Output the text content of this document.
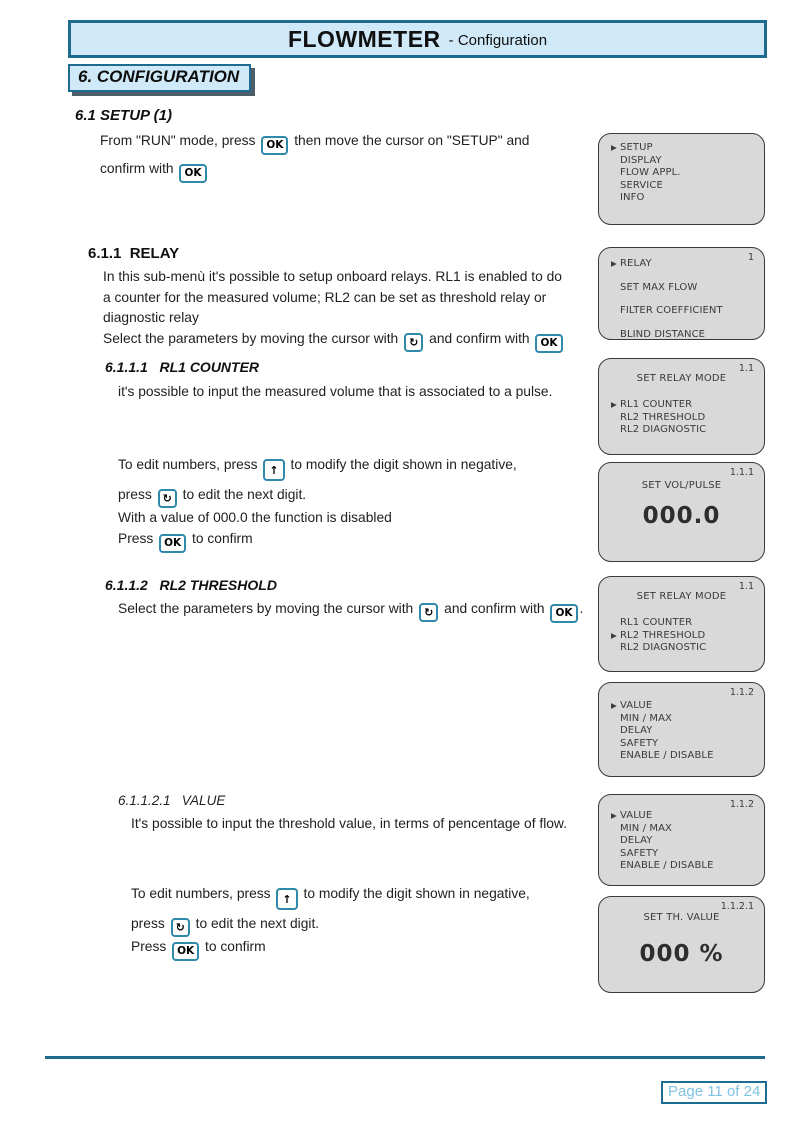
FLOWMETER - Configuration
6. CONFIGURATION
6.1 SETUP (1)
From "RUN" mode, press OK then move the cursor on "SETUP" and
confirm with OK
▶ SETUP
DISPLAY
FLOW APPL.
SERVICE
INFO
6.1.1  RELAY
In this sub-menù it's possible to setup onboard relays. RL1 is enabled to do
a counter for the measured volume; RL2 can be set as threshold relay or
diagnostic relay
Select the parameters by moving the cursor with ↻ and confirm with OK
1
▶ RELAY
SET MAX FLOW
FILTER COEFFICIENT
BLIND DISTANCE
6.1.1.1   RL1 COUNTER
it's possible to input the measured volume that is associated to a pulse.
1.1
SET RELAY MODE
▶ RL1 COUNTER
RL2 THRESHOLD
RL2 DIAGNOSTIC
To edit numbers, press ↑ to modify the digit shown in negative,
press ↻ to edit the next digit.
With a value of 000.0 the function is disabled
Press OK to confirm
1.1.1
SET VOL/PULSE
000.0
6.1.1.2   RL2 THRESHOLD
Select the parameters by moving the cursor with ↻ and confirm with OK .
1.1
SET RELAY MODE
RL1 COUNTER
▶ RL2 THRESHOLD
RL2 DIAGNOSTIC
1.1.2
▶ VALUE
MIN / MAX
DELAY
SAFETY
ENABLE / DISABLE
6.1.1.2.1   VALUE
It's possible to input the threshold value, in terms of pencentage of flow.
1.1.2
▶ VALUE
MIN / MAX
DELAY
SAFETY
ENABLE / DISABLE
To edit numbers, press ↑ to modify the digit shown in negative,
press ↻ to edit the next digit.
Press OK to confirm
1.1.2.1
SET TH. VALUE
000 %
Page 11 of 24
